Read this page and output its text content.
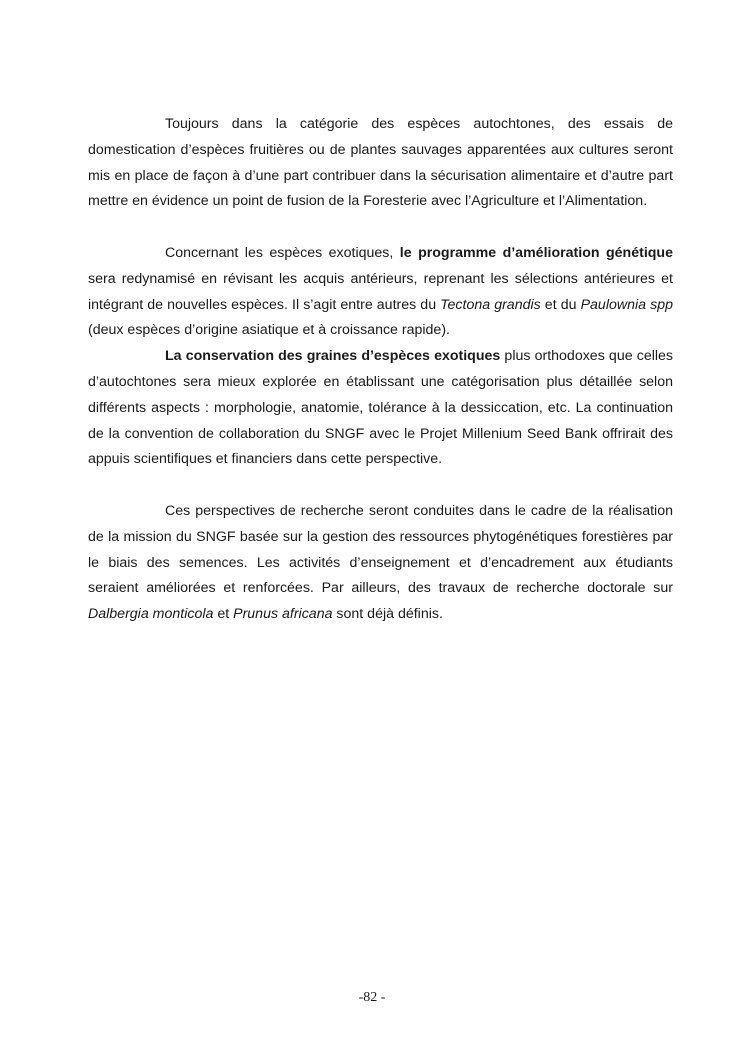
Toujours dans la catégorie des espèces autochtones, des essais de domestication d’espèces fruitières ou de plantes sauvages apparentées aux cultures seront mis en place de façon à d’une part contribuer dans la sécurisation alimentaire et d’autre part mettre en évidence un point de fusion de la Foresterie avec l’Agriculture et l’Alimentation.

Concernant les espèces exotiques, le programme d’amélioration génétique sera redynamisé en révisant les acquis antérieurs, reprenant les sélections antérieures et intégrant de nouvelles espèces. Il s’agit entre autres du Tectona grandis et du Paulownia spp (deux espèces d’origine asiatique et à croissance rapide).

La conservation des graines d’espèces exotiques plus orthodoxes que celles d’autochtones sera mieux explorée en établissant une catégorisation plus détaillée selon différents aspects : morphologie, anatomie, tolérance à la dessiccation, etc. La continuation de la convention de collaboration du SNGF avec le Projet Millenium Seed Bank offrirait des appuis scientifiques et financiers dans cette perspective.

Ces perspectives de recherche seront conduites dans le cadre de la réalisation de la mission du SNGF basée sur la gestion des ressources phytogénétiques forestières par le biais des semences. Les activités d’enseignement et d’encadrement aux étudiants seraient améliorées et renforcées. Par ailleurs, des travaux de recherche doctorale sur Dalbergia monticola et Prunus africana sont déjà définis.

-82 -
